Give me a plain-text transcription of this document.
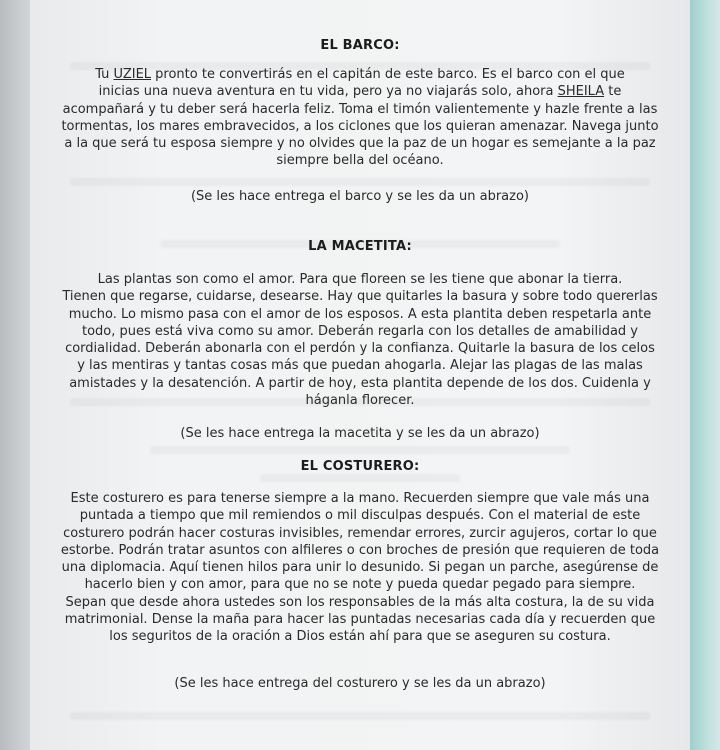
EL BARCO:
Tu UZIEL pronto te convertirás en el capitán de este barco. Es el barco con el que
inicias una nueva aventura en tu vida, pero ya no viajarás solo, ahora SHEILA te
acompañará y tu deber será hacerla feliz. Toma el timón valientemente y hazle frente a las
tormentas, los mares embravecidos, a los ciclones que los quieran amenazar. Navega junto
a la que será tu esposa siempre y no olvides que la paz de un hogar es semejante a la paz
siempre bella del océano.
(Se les hace entrega el barco y se les da un abrazo)
LA MACETITA:
Las plantas son como el amor. Para que floreen se les tiene que abonar la tierra.
Tienen que regarse, cuidarse, desearse. Hay que quitarles la basura y sobre todo quererlas
mucho. Lo mismo pasa con el amor de los esposos. A esta plantita deben respetarla ante
todo, pues está viva como su amor. Deberán regarla con los detalles de amabilidad y
cordialidad. Deberán abonarla con el perdón y la confianza. Quitarle la basura de los celos
y las mentiras y tantas cosas más que puedan ahogarla. Alejar las plagas de las malas
amistades y la desatención. A partir de hoy, esta plantita depende de los dos. Cuidenla y
háganla florecer.
(Se les hace entrega la macetita y se les da un abrazo)
EL COSTURERO:
Este costurero es para tenerse siempre a la mano. Recuerden siempre que vale más una
puntada a tiempo que mil remiendos o mil disculpas después. Con el material de este
costurero podrán hacer costuras invisibles, remendar errores, zurcir agujeros, cortar lo que
estorbe. Podrán tratar asuntos con alfileres o con broches de presión que requieren de toda
una diplomacia. Aquí tienen hilos para unir lo desunido. Si pegan un parche, asegúrense de
hacerlo bien y con amor, para que no se note y pueda quedar pegado para siempre.
Sepan que desde ahora ustedes son los responsables de la más alta costura, la de su vida
matrimonial. Dense la maña para hacer las puntadas necesarias cada día y recuerden que
los seguritos de la oración a Dios están ahí para que se aseguren su costura.
(Se les hace entrega del costurero y se les da un abrazo)
